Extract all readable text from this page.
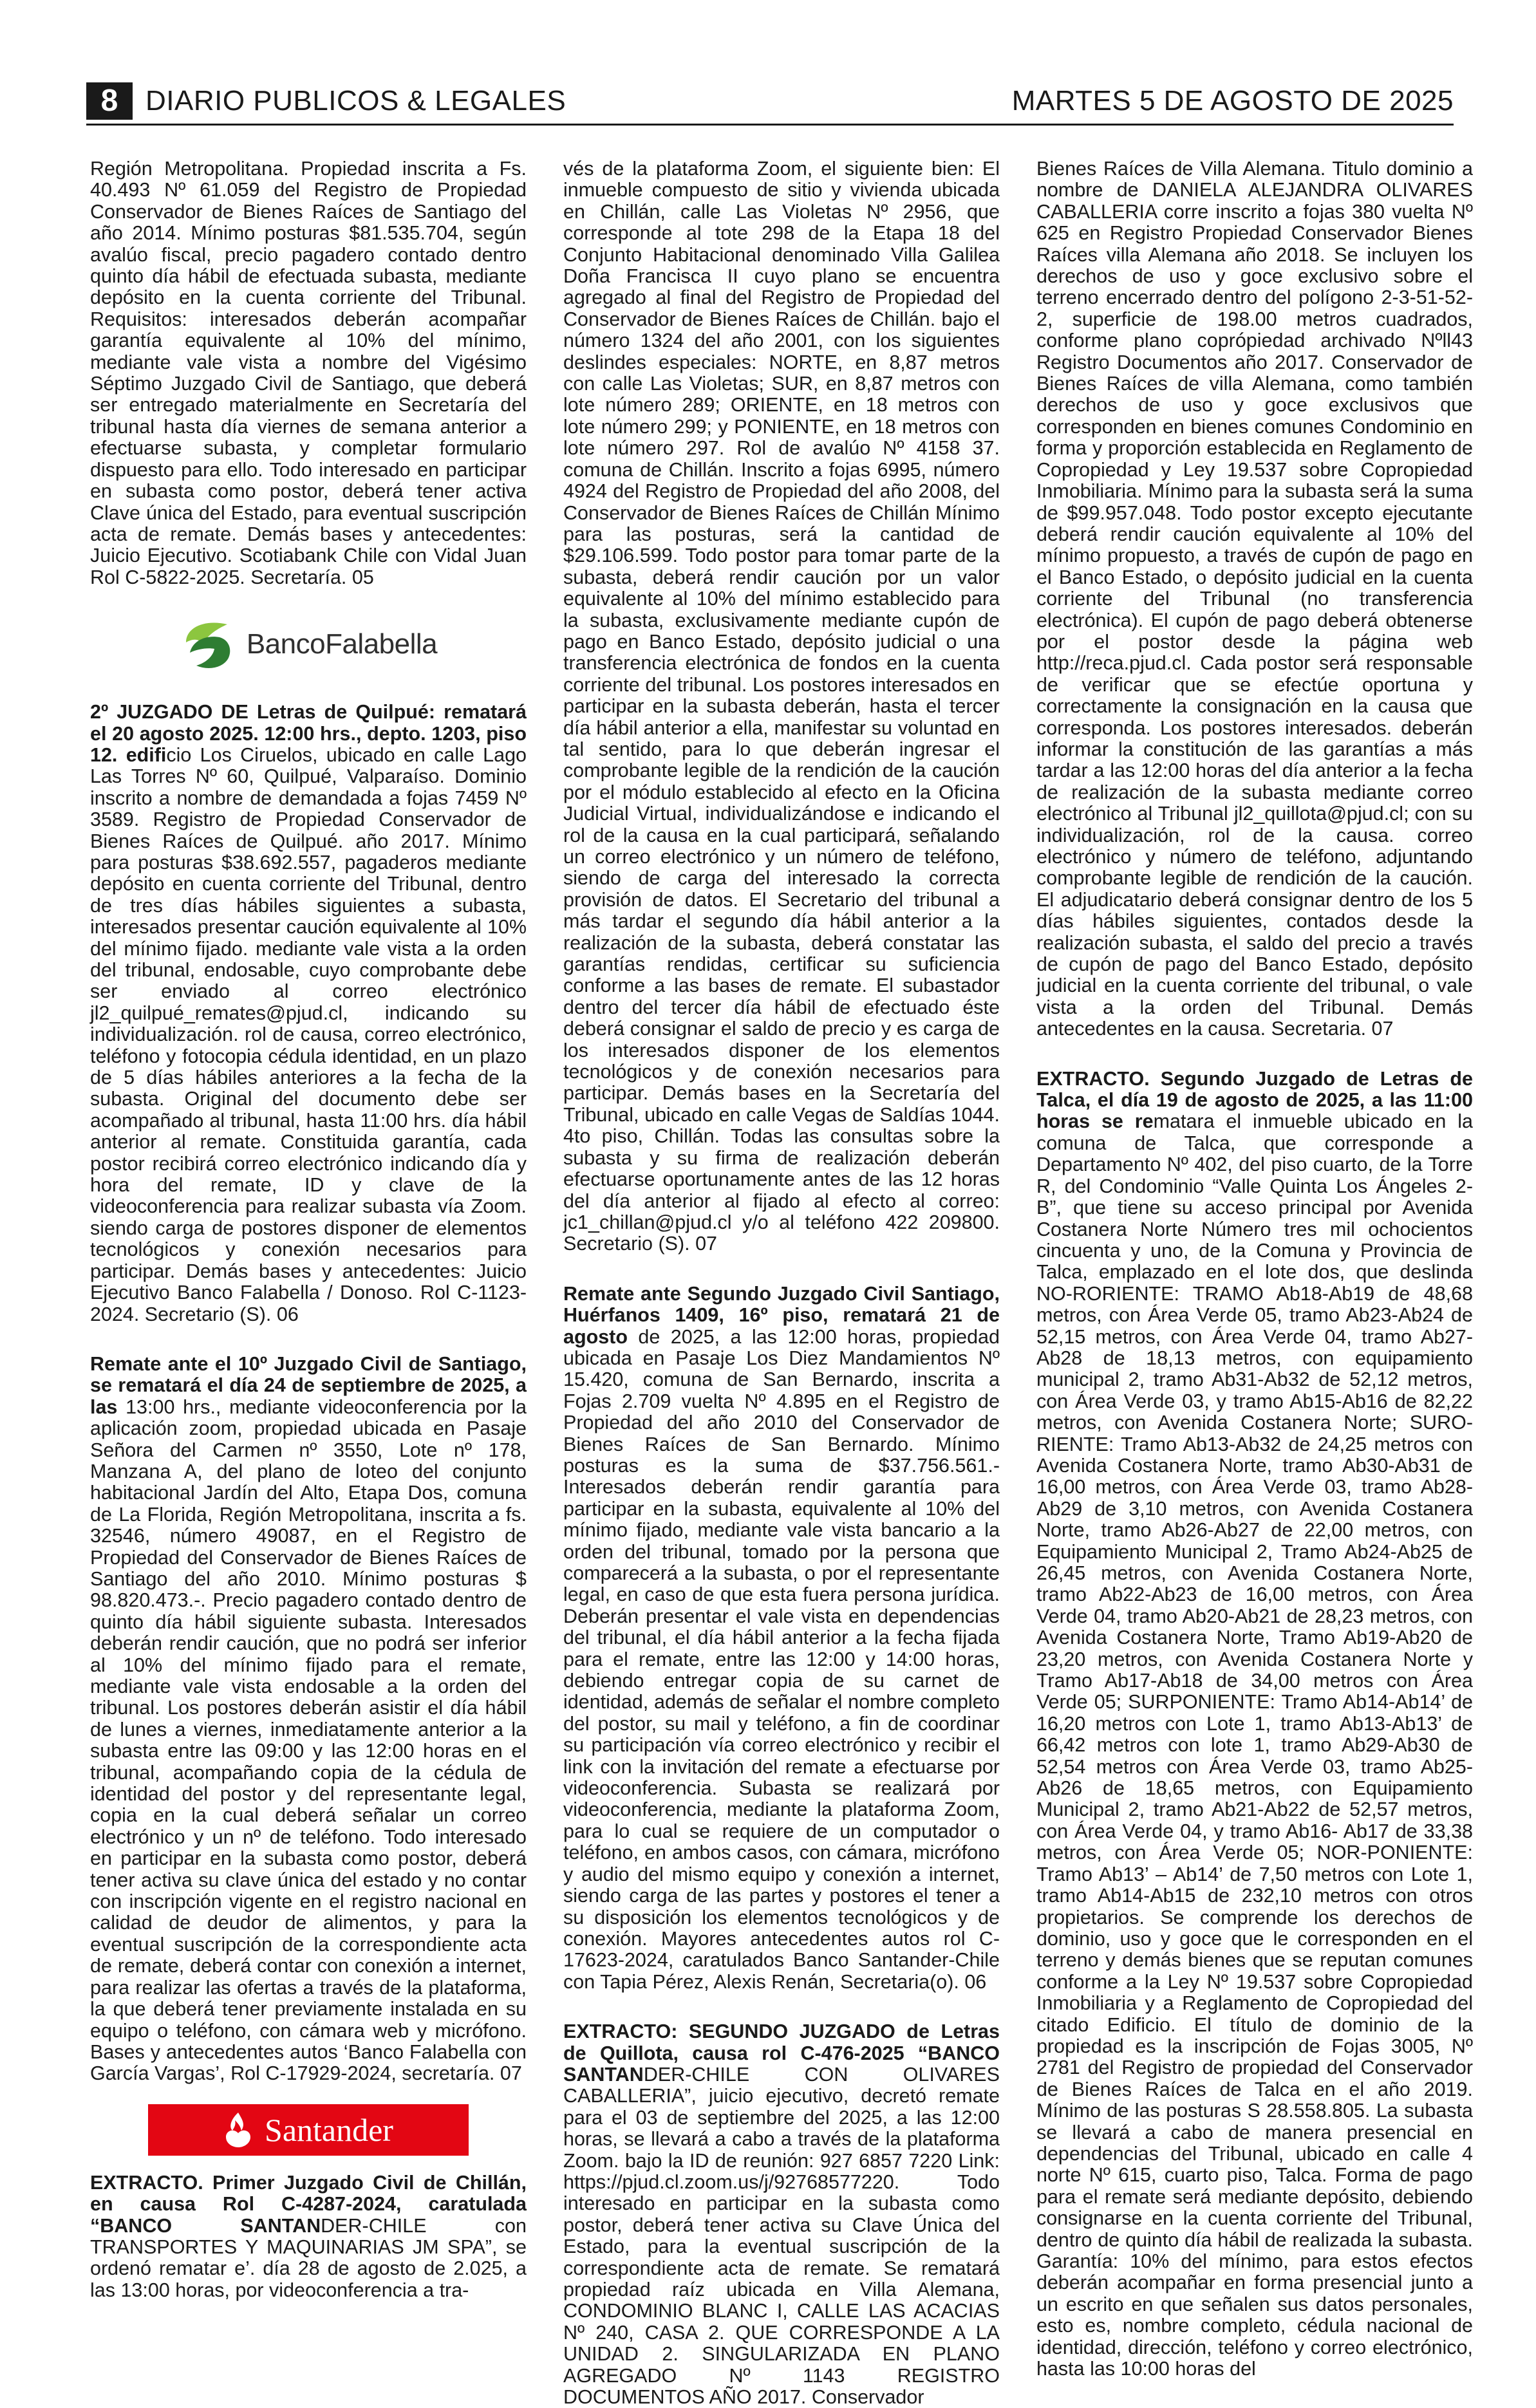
8 DIARIO PUBLICOS & LEGALES	MARTES 5 DE AGOSTO DE 2025

Región Metropolitana. Propiedad inscrita a Fs. 40.493 Nº 61.059 del Registro de Propiedad Conservador de Bienes Raíces de Santiago del año 2014. Mínimo posturas $81.535.704, según avalúo fiscal, precio pagadero contado dentro quinto día hábil de efectuada subasta, mediante depósito en la cuenta corriente del Tribunal. Requisitos: interesados deberán acompañar garantía equivalente al 10% del mínimo, mediante vale vista a nombre del Vigésimo Séptimo Juzgado Civil de Santiago, que deberá ser entregado materialmente en Secretaría del tribunal hasta día viernes de semana anterior a efectuarse subasta, y completar formulario dispuesto para ello. Todo interesado en participar en subasta como postor, deberá tener activa Clave única del Estado, para eventual suscripción acta de remate. Demás bases y antecedentes: Juicio Ejecutivo. Scotiabank Chile con Vidal Juan Rol C-5822-2025. Secretaría. 05

BancoFalabella

2º JUZGADO DE Letras de Quilpué: rematará el 20 agosto 2025. 12:00 hrs., depto. 1203, piso 12. edificio Los Ciruelos, ubicado en calle Lago Las Torres Nº 60, Quilpué, Valparaíso. Dominio inscrito a nombre de demandada a fojas 7459 Nº 3589. Registro de Propiedad Conservador de Bienes Raíces de Quilpué. año 2017. Mínimo para posturas $38.692.557, pagaderos mediante depósito en cuenta corriente del Tribunal, dentro de tres días hábiles siguientes a subasta, interesados presentar caución equivalente al 10% del mínimo fijado. mediante vale vista a la orden del tribunal, endosable, cuyo comprobante debe ser enviado al correo electrónico jl2_quilpué_remates@pjud.cl, indicando su individualización. rol de causa, correo electrónico, teléfono y fotocopia cédula identidad, en un plazo de 5 días hábiles anteriores a la fecha de la subasta. Original del documento debe ser acompañado al tribunal, hasta 11:00 hrs. día hábil anterior al remate. Constituida garantía, cada postor recibirá correo electrónico indicando día y hora del remate, ID y clave de la videoconferencia para realizar subasta vía Zoom. siendo carga de postores disponer de elementos tecnológicos y conexión necesarios para participar. Demás bases y antecedentes: Juicio Ejecutivo Banco Falabella / Donoso. Rol C-1123-2024. Secretario (S). 06

Remate ante el 10º Juzgado Civil de Santiago, se rematará el día 24 de septiembre de 2025, a las 13:00 hrs., mediante videoconferencia por la aplicación zoom, propiedad ubicada en Pasaje Señora del Carmen nº 3550, Lote nº 178, Manzana A, del plano de loteo del conjunto habitacional Jardín del Alto, Etapa Dos, comuna de La Florida, Región Metropolitana, inscrita a fs. 32546, número 49087, en el Registro de Propiedad del Conservador de Bienes Raíces de Santiago del año 2010. Mínimo posturas $ 98.820.473.-. Precio pagadero contado dentro de quinto día hábil siguiente subasta. Interesados deberán rendir caución, que no podrá ser inferior al 10% del mínimo fijado para el remate, mediante vale vista endosable a la orden del tribunal. Los postores deberán asistir el día hábil de lunes a viernes, inmediatamente anterior a la subasta entre las 09:00 y las 12:00 horas en el tribunal, acompañando copia de la cédula de identidad del postor y del representante legal, copia en la cual deberá señalar un correo electrónico y un nº de teléfono. Todo interesado en participar en la subasta como postor, deberá tener activa su clave única del estado y no contar con inscripción vigente en el registro nacional en calidad de deudor de alimentos, y para la eventual suscripción de la correspondiente acta de remate, deberá contar con conexión a internet, para realizar las ofertas a través de la plataforma, la que deberá tener previamente instalada en su equipo o teléfono, con cámara web y micrófono. Bases y antecedentes autos ‘Banco Falabella con García Vargas’, Rol C-17929-2024, secretaría. 07

Santander

EXTRACTO. Primer Juzgado Civil de Chillán, en causa Rol C-4287-2024, caratulada “BANCO SANTANDER-CHILE con TRANSPORTES Y MAQUINARIAS JM SPA”, se ordenó rematar e’. día 28 de agosto de 2.025, a las 13:00 horas, por videoconferencia a tra-

vés de la plataforma Zoom, el siguiente bien: El inmueble compuesto de sitio y vivienda ubicada en Chillán, calle Las Violetas Nº 2956, que corresponde al tote 298 de la Etapa 18 del Conjunto Habitacional denominado Villa Galilea Doña Francisca II cuyo plano se encuentra agregado al final del Registro de Propiedad del Conservador de Bienes Raíces de Chillán. bajo el número 1324 del año 2001, con los siguientes deslindes especiales: NORTE, en 8,87 metros con calle Las Violetas; SUR, en 8,87 metros con lote número 289; ORIENTE, en 18 metros con lote número 299; y PONIENTE, en 18 metros con lote número 297. Rol de avalúo Nº 4158 37. comuna de Chillán. Inscrito a fojas 6995, número 4924 del Registro de Propiedad del año 2008, del Conservador de Bienes Raíces de Chillán Mínimo para las posturas, será la cantidad de $29.106.599. Todo postor para tomar parte de la subasta, deberá rendir caución por un valor equivalente al 10% del mínimo establecido para la subasta, exclusivamente mediante cupón de pago en Banco Estado, depósito judicial o una transferencia electrónica de fondos en la cuenta corriente del tribunal. Los postores interesados en participar en la subasta deberán, hasta el tercer día hábil anterior a ella, manifestar su voluntad en tal sentido, para lo que deberán ingresar el comprobante legible de la rendición de la caución por el módulo establecido al efecto en la Oficina Judicial Virtual, individualizándose e indicando el rol de la causa en la cual participará, señalando un correo electrónico y un número de teléfono, siendo de carga del interesado la correcta provisión de datos. El Secretario del tribunal a más tardar el segundo día hábil anterior a la realización de la subasta, deberá constatar las garantías rendidas, certificar su suficiencia conforme a las bases de remate. El subastador dentro del tercer día hábil de efectuado éste deberá consignar el saldo de precio y es carga de los interesados disponer de los elementos tecnológicos y de conexión necesarios para participar. Demás bases en la Secretaría del Tribunal, ubicado en calle Vegas de Saldías 1044. 4to piso, Chillán. Todas las consultas sobre la subasta y su firma de realización deberán efectuarse oportunamente antes de las 12 horas del día anterior al fijado al efecto al correo: jc1_chillan@pjud.cl y/o al teléfono 422 209800. Secretario (S). 07

Remate ante Segundo Juzgado Civil Santiago, Huérfanos 1409, 16º piso, rematará 21 de agosto de 2025, a las 12:00 horas, propiedad ubicada en Pasaje Los Diez Mandamientos Nº 15.420, comuna de San Bernardo, inscrita a Fojas 2.709 vuelta Nº 4.895 en el Registro de Propiedad del año 2010 del Conservador de Bienes Raíces de San Bernardo. Mínimo posturas es la suma de $37.756.561.- Interesados deberán rendir garantía para participar en la subasta, equivalente al 10% del mínimo fijado, mediante vale vista bancario a la orden del tribunal, tomado por la persona que comparecerá a la subasta, o por el representante legal, en caso de que esta fuera persona jurídica. Deberán presentar el vale vista en dependencias del tribunal, el día hábil anterior a la fecha fijada para el remate, entre las 12:00 y 14:00 horas, debiendo entregar copia de su carnet de identidad, además de señalar el nombre completo del postor, su mail y teléfono, a fin de coordinar su participación vía correo electrónico y recibir el link con la invitación del remate a efectuarse por videoconferencia. Subasta se realizará por videoconferencia, mediante la plataforma Zoom, para lo cual se requiere de un computador o teléfono, en ambos casos, con cámara, micrófono y audio del mismo equipo y conexión a internet, siendo carga de las partes y postores el tener a su disposición los elementos tecnológicos y de conexión. Mayores antecedentes autos rol C-17623-2024, caratulados Banco Santander-Chile con Tapia Pérez, Alexis Renán, Secretaria(o). 06

EXTRACTO: SEGUNDO JUZGADO de Letras de Quillota, causa rol C-476-2025 “BANCO SANTANDER-CHILE CON OLIVARES CABALLERIA”, juicio ejecutivo, decretó remate para el 03 de septiembre del 2025, a las 12:00 horas, se llevará a cabo a través de la plataforma Zoom. bajo la ID de reunión: 927 6857 7220 Link: https://pjud.cl.zoom.us/j/92768577220. Todo interesado en participar en la subasta como postor, deberá tener activa su Clave Única del Estado, para la eventual suscripción de la correspondiente acta de remate. Se rematará propiedad raíz ubicada en Villa Alemana, CONDOMINIO BLANC I, CALLE LAS ACACIAS Nº 240, CASA 2. QUE CORRESPONDE A LA UNIDAD 2. SINGULARIZADA EN PLANO AGREGADO Nº 1143 REGISTRO DOCUMENTOS AÑO 2017. Conservador

Bienes Raíces de Villa Alemana. Titulo dominio a nombre de DANIELA ALEJANDRA OLIVARES CABALLERIA corre inscrito a fojas 380 vuelta Nº 625 en Registro Propiedad Conservador Bienes Raíces villa Alemana año 2018. Se incluyen los derechos de uso y goce exclusivo sobre el terreno encerrado dentro del polígono 2-3-51-52-2, superficie de 198.00 metros cuadrados, conforme plano coprópiedad archivado Nºll43 Registro Documentos año 2017. Conservador de Bienes Raíces de villa Alemana, como también derechos de uso y goce exclusivos que corresponden en bienes comunes Condominio en forma y proporción establecida en Reglamento de Copropiedad y Ley 19.537 sobre Copropiedad Inmobiliaria. Mínimo para la subasta será la suma de $99.957.048. Todo postor excepto ejecutante deberá rendir caución equivalente al 10% del mínimo propuesto, a través de cupón de pago en el Banco Estado, o depósito judicial en la cuenta corriente del Tribunal (no transferencia electrónica). El cupón de pago deberá obtenerse por el postor desde la página web http://reca.pjud.cl. Cada postor será responsable de verificar que se efectúe oportuna y correctamente la consignación en la causa que corresponda. Los postores interesados. deberán informar la constitución de las garantías a más tardar a las 12:00 horas del día anterior a la fecha de realización de la subasta mediante correo electrónico al Tribunal jl2_quillota@pjud.cl; con su individualización, rol de la causa. correo electrónico y número de teléfono, adjuntando comprobante legible de rendición de la caución. El adjudicatario deberá consignar dentro de los 5 días hábiles siguientes, contados desde la realización subasta, el saldo del precio a través de cupón de pago del Banco Estado, depósito judicial en la cuenta corriente del tribunal, o vale vista a la orden del Tribunal. Demás antecedentes en la causa. Secretaria. 07

EXTRACTO. Segundo Juzgado de Letras de Talca, el día 19 de agosto de 2025, a las 11:00 horas se rematara el inmueble ubicado en la comuna de Talca, que corresponde a Departamento Nº 402, del piso cuarto, de la Torre R, del Condominio “Valle Quinta Los Ángeles 2-B”, que tiene su acceso principal por Avenida Costanera Norte Número tres mil ochocientos cincuenta y uno, de la Comuna y Provincia de Talca, emplazado en el lote dos, que deslinda NO-RORIENTE: TRAMO Ab18-Ab19 de 48,68 metros, con Área Verde 05, tramo Ab23-Ab24 de 52,15 metros, con Área Verde 04, tramo Ab27-Ab28 de 18,13 metros, con equipamiento municipal 2, tramo Ab31-Ab32 de 52,12 metros, con Área Verde 03, y tramo Ab15-Ab16 de 82,22 metros, con Avenida Costanera Norte; SURO-RIENTE: Tramo Ab13-Ab32 de 24,25 metros con Avenida Costanera Norte, tramo Ab30-Ab31 de 16,00 metros, con Área Verde 03, tramo Ab28-Ab29 de 3,10 metros, con Avenida Costanera Norte, tramo Ab26-Ab27 de 22,00 metros, con Equipamiento Municipal 2, Tramo Ab24-Ab25 de 26,45 metros, con Avenida Costanera Norte, tramo Ab22-Ab23 de 16,00 metros, con Área Verde 04, tramo Ab20-Ab21 de 28,23 metros, con Avenida Costanera Norte, Tramo Ab19-Ab20 de 23,20 metros, con Avenida Costanera Norte y Tramo Ab17-Ab18 de 34,00 metros con Área Verde 05; SURPONIENTE: Tramo Ab14-Ab14’ de 16,20 metros con Lote 1, tramo Ab13-Ab13’ de 66,42 metros con lote 1, tramo Ab29-Ab30 de 52,54 metros con Área Verde 03, tramo Ab25-Ab26 de 18,65 metros, con Equipamiento Municipal 2, tramo Ab21-Ab22 de 52,57 metros, con Área Verde 04, y tramo Ab16- Ab17 de 33,38 metros, con Área Verde 05; NOR-PONIENTE: Tramo Ab13’ – Ab14’ de 7,50 metros con Lote 1, tramo Ab14-Ab15 de 232,10 metros con otros propietarios. Se comprende los derechos de dominio, uso y goce que le corresponden en el terreno y demás bienes que se reputan comunes conforme a la Ley Nº 19.537 sobre Copropiedad Inmobiliaria y a Reglamento de Copropiedad del citado Edificio. El título de dominio de la propiedad es la inscripción de Fojas 3005, Nº 2781 del Registro de propiedad del Conservador de Bienes Raíces de Talca en el año 2019. Mínimo de las posturas S 28.558.805. La subasta se llevará a cabo de manera presencial en dependencias del Tribunal, ubicado en calle 4 norte Nº 615, cuarto piso, Talca. Forma de pago para el remate será mediante depósito, debiendo consignarse en la cuenta corriente del Tribunal, dentro de quinto día hábil de realizada la subasta. Garantía: 10% del mínimo, para estos efectos deberán acompañar en forma presencial junto a un escrito en que señalen sus datos personales, esto es, nombre completo, cédula nacional de identidad, dirección, teléfono y correo electrónico, hasta las 10:00 horas del
